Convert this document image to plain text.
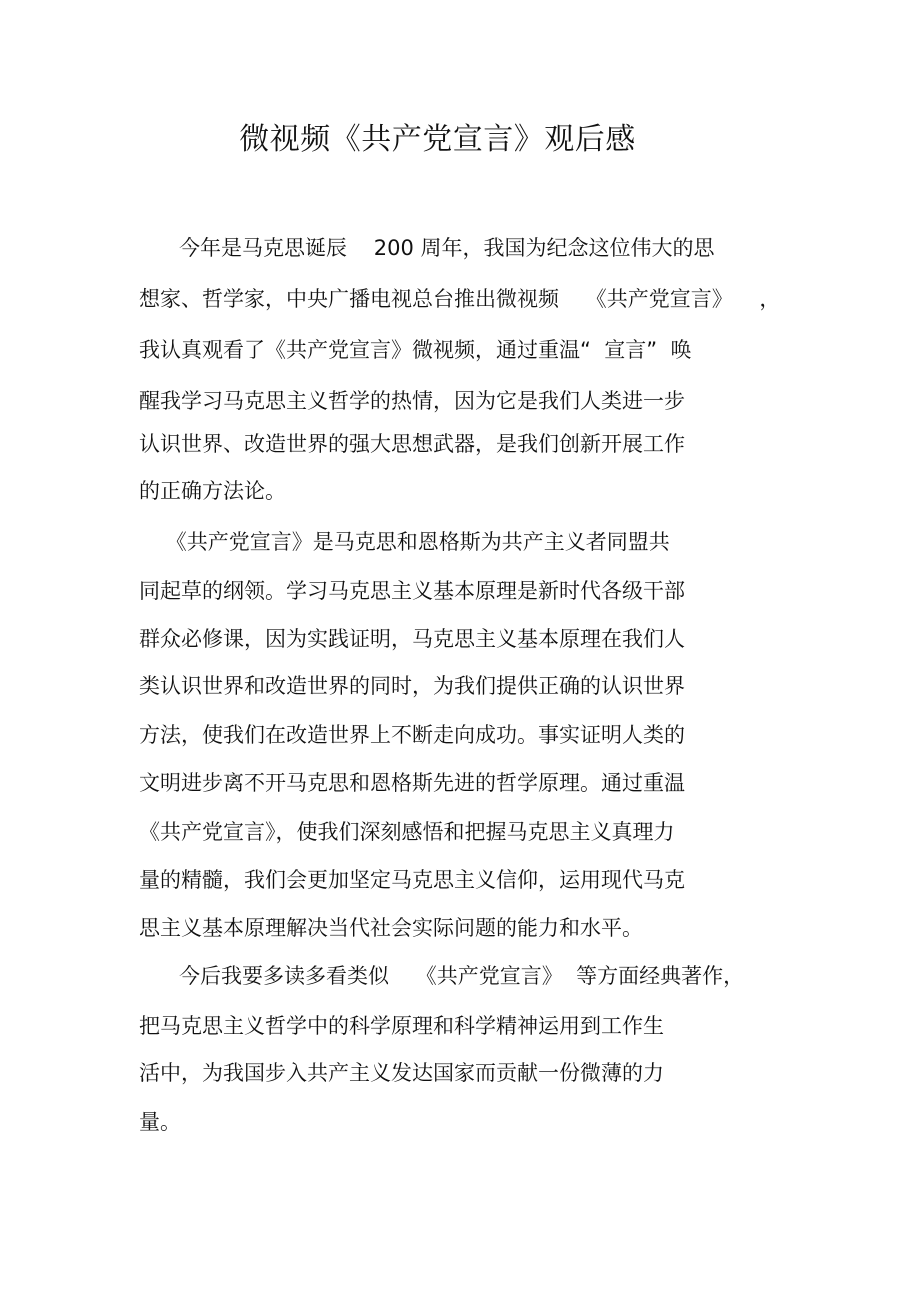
微视频《共产党宣言》观后感

今年是马克思诞辰    200 周年，我国为纪念这位伟大的思

想家、哲学家，中央广播电视总台推出微视频    《共产党宣言》    ，

我认真观看了《共产党宣言》微视频，通过重温“  宣言”  唤

醒我学习马克思主义哲学的热情，因为它是我们人类进一步

认识世界、改造世界的强大思想武器，是我们创新开展工作

的正确方法论。

《共产党宣言》是马克思和恩格斯为共产主义者同盟共

同起草的纲领。学习马克思主义基本原理是新时代各级干部

群众必修课，因为实践证明，马克思主义基本原理在我们人

类认识世界和改造世界的同时，为我们提供正确的认识世界

方法，使我们在改造世界上不断走向成功。事实证明人类的

文明进步离不开马克思和恩格斯先进的哲学原理。通过重温

《共产党宣言》，使我们深刻感悟和把握马克思主义真理力

量的精髓，我们会更加坚定马克思主义信仰，运用现代马克

思主义基本原理解决当代社会实际问题的能力和水平。

今后我要多读多看类似    《共产党宣言》  等方面经典著作，

把马克思主义哲学中的科学原理和科学精神运用到工作生

活中，为我国步入共产主义发达国家而贡献一份微薄的力

量。
